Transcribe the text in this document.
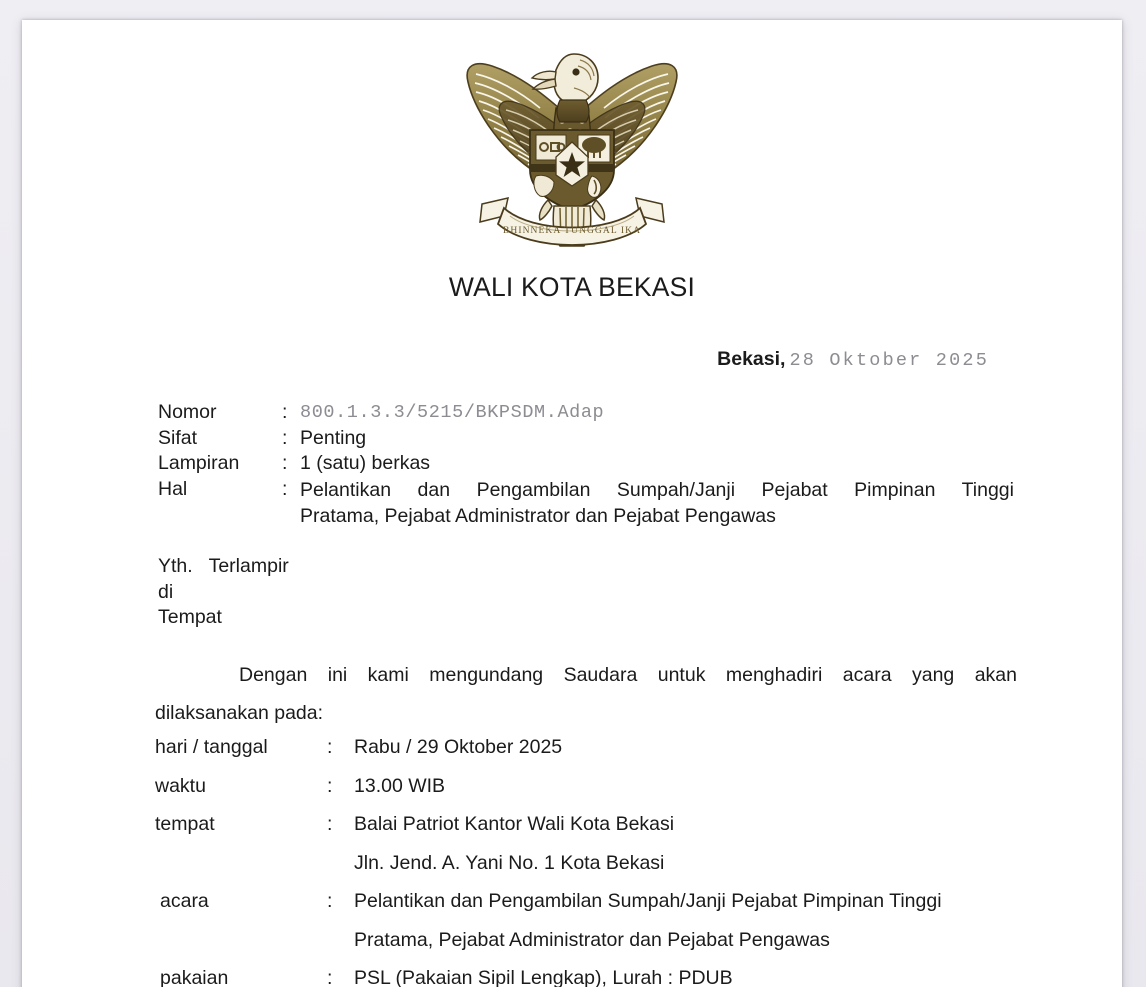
BHINNEKA TUNGGAL IKA
WALI KOTA BEKASI
Bekasi, 28 Oktober 2025
Nomor	: 800.1.3.3/5215/BKPSDM.Adap
Sifat	: Penting
Lampiran	: 1 (satu) berkas
Hal	: Pelantikan dan Pengambilan Sumpah/Janji Pejabat Pimpinan Tinggi
Pratama, Pejabat Administrator dan Pejabat Pengawas
Yth.   Terlampir
di
Tempat
Dengan ini kami mengundang Saudara untuk menghadiri acara yang akan
dilaksanakan pada:
hari / tanggal	:	Rabu / 29 Oktober 2025
waktu	:	13.00 WIB
tempat	:	Balai Patriot Kantor Wali Kota Bekasi
Jln. Jend. A. Yani No. 1 Kota Bekasi
acara	:	Pelantikan dan Pengambilan Sumpah/Janji Pejabat Pimpinan Tinggi
Pratama, Pejabat Administrator dan Pejabat Pengawas
pakaian	:	PSL (Pakaian Sipil Lengkap), Lurah : PDUB
